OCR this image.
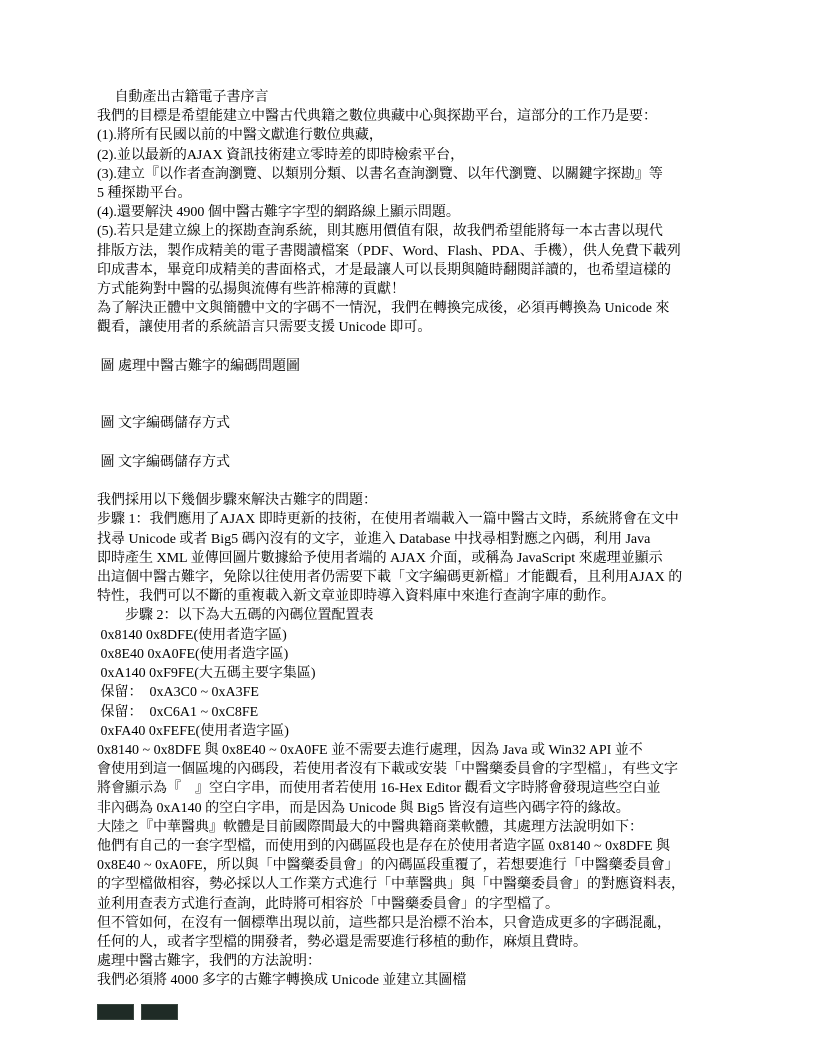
　 自動產出古籍電子書序言
我們的目標是希望能建立中醫古代典籍之數位典藏中心與探勘平台，這部分的工作乃是要：
(1).將所有民國以前的中醫文獻進行數位典藏，
(2).並以最新的AJAX 資訊技術建立零時差的即時檢索平台，
(3).建立『以作者查詢瀏覽、以類別分類、以書名查詢瀏覽、以年代瀏覽、以關鍵字探勘』等
5 種探勘平台。
(4).還要解決 4900 個中醫古難字字型的網路線上顯示問題。
(5).若只是建立線上的探勘查詢系統，則其應用價值有限，故我們希望能將每一本古書以現代
排版方法，製作成精美的電子書閱讀檔案（PDF、Word、Flash、PDA、手機），供人免費下載列
印成書本，畢竟印成精美的書面格式，才是最讓人可以長期與隨時翻閱詳讀的，也希望這樣的
方式能夠對中醫的弘揚與流傳有些許棉薄的貢獻！
為了解決正體中文與簡體中文的字碼不一情況，我們在轉換完成後，必須再轉換為 Unicode 來
觀看，讓使用者的系統語言只需要支援 Unicode 即可。

圖 處理中醫古難字的編碼問題圖

圖 文字編碼儲存方式

圖 文字編碼儲存方式

我們採用以下幾個步驟來解決古難字的問題：
步驟 1：我們應用了AJAX 即時更新的技術，在使用者端載入一篇中醫古文時，系統將會在文中
找尋 Unicode 或者 Big5 碼內沒有的文字，並進入 Database 中找尋相對應之內碼，利用 Java
即時產生 XML 並傳回圖片數據給予使用者端的 AJAX 介面，或稱為 JavaScript 來處理並顯示
出這個中醫古難字，免除以往使用者仍需要下載「文字編碼更新檔」才能觀看，且利用AJAX 的
特性，我們可以不斷的重複載入新文章並即時導入資料庫中來進行查詢字庫的動作。
　　步驟 2：以下為大五碼的內碼位置配置表
0x8140 0x8DFE(使用者造字區)
0x8E40 0xA0FE(使用者造字區)
0xA140 0xF9FE(大五碼主要字集區)
保留：  0xA3C0 ~ 0xA3FE
保留：  0xC6A1 ~ 0xC8FE
0xFA40 0xFEFE(使用者造字區)
0x8140 ~ 0x8DFE 與 0x8E40 ~ 0xA0FE 並不需要去進行處理，因為 Java 或 Win32 API 並不
會使用到這一個區塊的內碼段，若使用者沒有下載或安裝「中醫藥委員會的字型檔」，有些文字
將會顯示為『　』空白字串，而使用者若使用 16-Hex Editor 觀看文字時將會發現這些空白並
非內碼為 0xA140 的空白字串，而是因為 Unicode 與 Big5 皆沒有這些內碼字符的緣故。
大陸之『中華醫典』軟體是目前國際間最大的中醫典籍商業軟體，其處理方法說明如下：
他們有自己的一套字型檔，而使用到的內碼區段也是存在於使用者造字區 0x8140 ~ 0x8DFE 與
0x8E40 ~ 0xA0FE，所以與「中醫藥委員會」的內碼區段重覆了，若想要進行「中醫藥委員會」
的字型檔做相容，勢必採以人工作業方式進行「中華醫典」與「中醫藥委員會」的對應資料表，
並利用查表方式進行查詢，此時將可相容於「中醫藥委員會」的字型檔了。
但不管如何，在沒有一個標準出現以前，這些都只是治標不治本，只會造成更多的字碼混亂，
任何的人，或者字型檔的開發者，勢必還是需要進行移植的動作，麻煩且費時。
處理中醫古難字，我們的方法說明：
我們必須將 4000 多字的古難字轉換成 Unicode 並建立其圖檔
